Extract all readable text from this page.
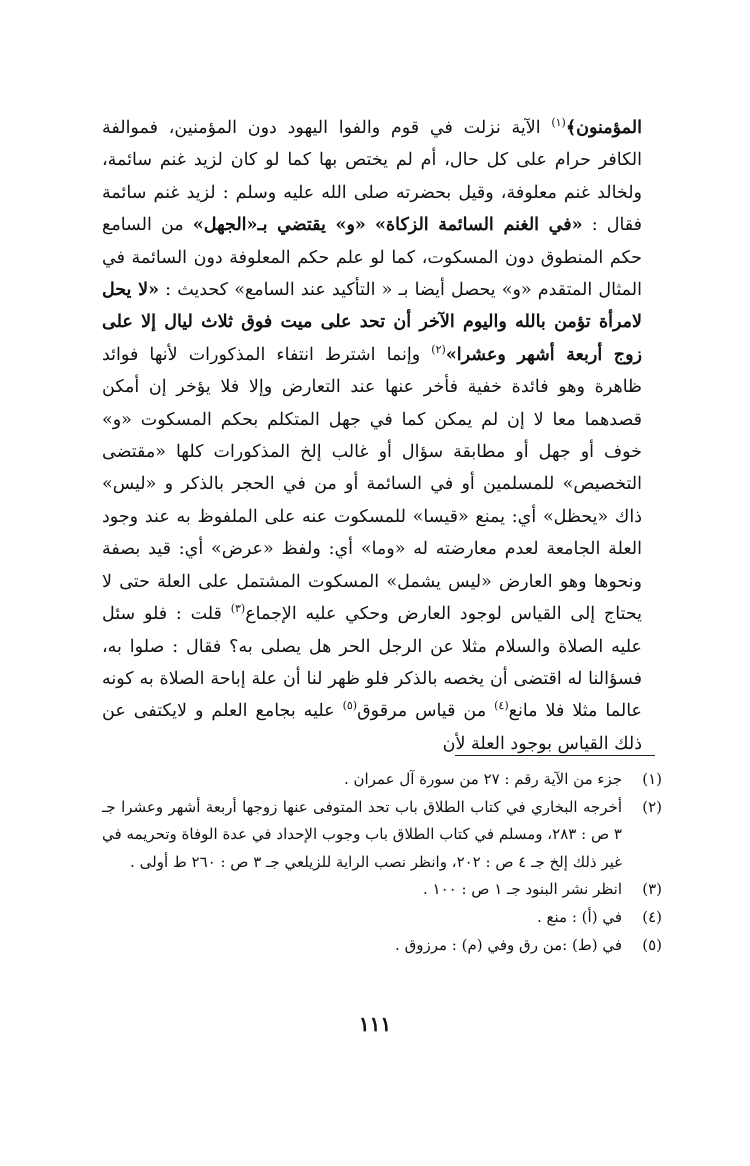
المؤمنون﴾$^{(١)}$ الآية نزلت في قوم والفوا اليهود دون المؤمنين، فموالفة الكافر حرام على كل حال، أم لم يختص بها كما لو كان لزيد غنم سائمة، ولخالد غنم معلوفة، وقيل بحضرته صلى الله عليه وسلم : لزيد غنم سائمة فقال : «في الغنم السائمة الزكاة» «و» يقتضي بـ«الجهل» من السامع حكم المنطوق دون المسكوت، كما لو علم حكم المعلوفة دون السائمة في المثال المتقدم «و» يحصل أيضا بـ « التأكيد عند السامع» كحديث : «لا يحل لامرأة تؤمن بالله واليوم الآخر أن تحد على ميت فوق ثلاث ليال إلا على زوج أربعة أشهر وعشرا»$^{(٢)}$ وإنما اشترط انتفاء المذكورات لأنها فوائد ظاهرة وهو فائدة خفية فأخر عنها عند التعارض وإلا فلا يؤخر إن أمكن قصدهما معا لا إن لم يمكن كما في جهل المتكلم بحكم المسكوت «و» خوف أو جهل أو مطابقة سؤال أو غالب إلخ المذكورات كلها «مقتضى التخصيص» للمسلمين أو في السائمة أو من في الحجر بالذكر و «ليس» ذاك «يحظل» أي: يمنع «قيسا» للمسكوت عنه على الملفوظ به عند وجود العلة الجامعة لعدم معارضته له «وما» أي: ولفظ «عرض» أي: قيد بصفة ونحوها وهو العارض «ليس يشمل» المسكوت المشتمل على العلة حتى لا يحتاج إلى القياس لوجود العارض وحكي عليه الإجماع$^{(٣)}$ قلت : فلو سئل عليه الصلاة والسلام مثلا عن الرجل الحر هل يصلى به؟ فقال : صلوا به، فسؤالنا له اقتضى أن يخصه بالذكر فلو ظهر لنا أن علة إباحة الصلاة به كونه عالما مثلا فلا مانع$^{(٤)}$ من قياس مرقوق$^{(٥)}$ عليه بجامع العلم و لايكتفى عن ذلك القياس بوجود العلة لأن

(١)
جزء من الآية رقم : ٢٧ من سورة آل عمران .
(٢)
أخرجه البخاري في كتاب الطلاق باب تحد المتوفى عنها زوجها أربعة أشهر وعشرا جـ ٣ ص : ٢٨٣، ومسلم في كتاب الطلاق باب وجوب الإحداد في عدة الوفاة وتحريمه في غير ذلك إلخ جـ ٤ ص : ٢٠٢، وانظر نصب الراية للزيلعي جـ ٣ ص : ٢٦٠ ط أولى .
(٣)
انظر نشر البنود جـ ١ ص : ١٠٠ .
(٤)
في (أ) : منع .
(٥)
في (ط) :من رق وفي (م) : مرزوق .
١١١
